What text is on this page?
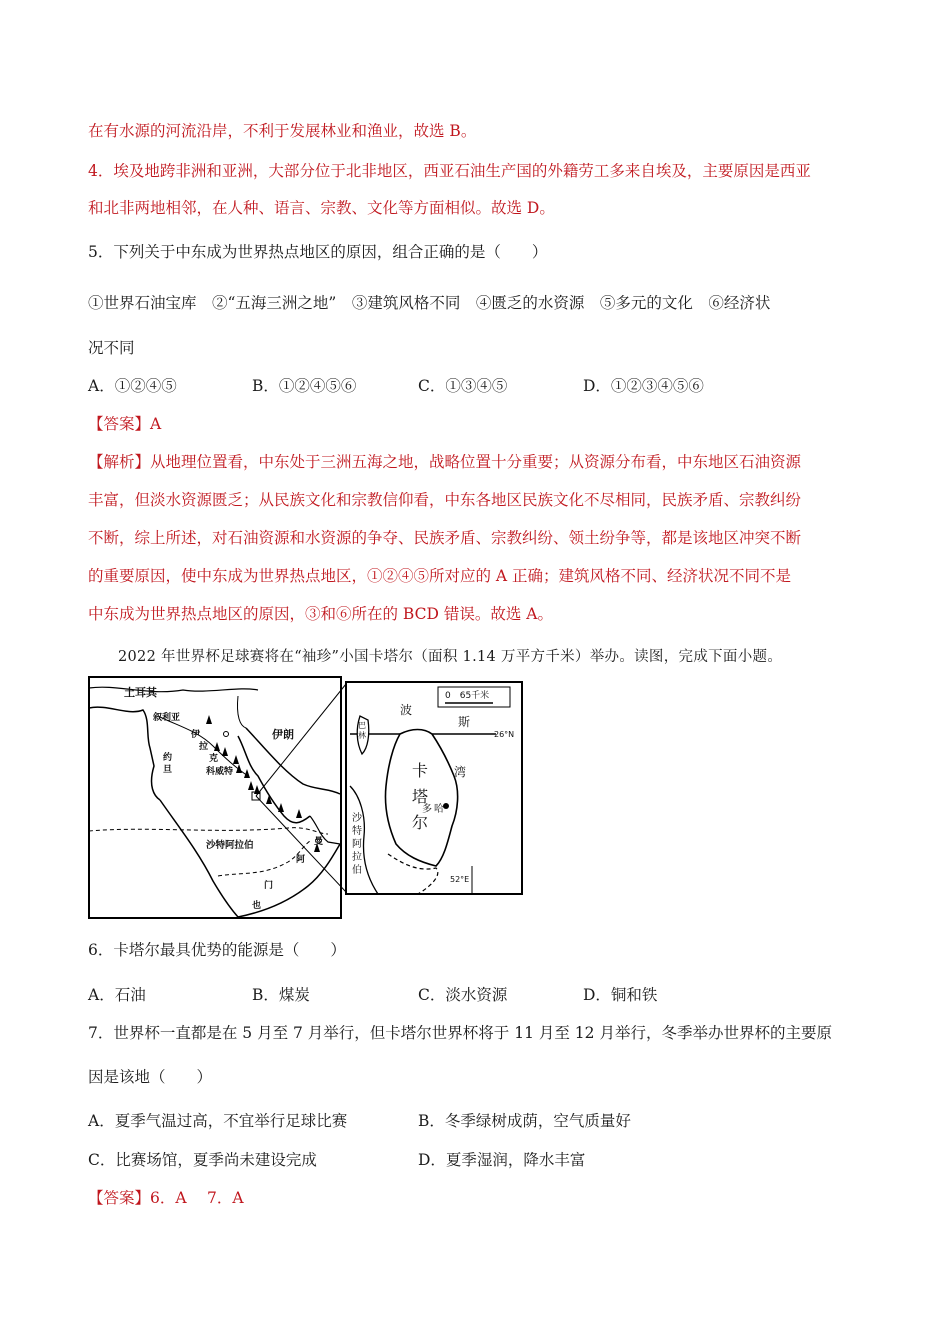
在有水源的河流沿岸，不利于发展林业和渔业，故选 B。
4．埃及地跨非洲和亚洲，大部分位于北非地区，西亚石油生产国的外籍劳工多来自埃及，主要原因是西亚
和北非两地相邻，在人种、语言、宗教、文化等方面相似。故选 D。
5．下列关于中东成为世界热点地区的原因，组合正确的是（　　）
①世界石油宝库　②“五海三洲之地”　③建筑风格不同　④匮乏的水资源　⑤多元的文化　⑥经济状
况不同
A．①②④⑤	B．①②④⑤⑥	C．①③④⑤	D．①②③④⑤⑥
【答案】A
【解析】从地理位置看，中东处于三洲五海之地，战略位置十分重要；从资源分布看，中东地区石油资源
丰富，但淡水资源匮乏；从民族文化和宗教信仰看，中东各地区民族文化不尽相同，民族矛盾、宗教纠纷
不断，综上所述，对石油资源和水资源的争夺、民族矛盾、宗教纠纷、领土纷争等，都是该地区冲突不断
的重要原因，使中东成为世界热点地区，①②④⑤所对应的 A 正确；建筑风格不同、经济状况不同不是
中东成为世界热点地区的原因，③和⑥所在的 BCD 错误。故选 A。
2022 年世界杯足球赛将在“袖珍”小国卡塔尔（面积 1.14 万平方千米）举办。读图，完成下面小题。
土耳其
叙利亚
伊
拉
克
伊朗
约
旦	科威特
沙特阿拉伯	曼
阿
门
也
0　65千米
26°N
52°E
波
斯
湾
巴
林
卡
塔
尔
多 哈
沙
特
阿
拉
伯
6．卡塔尔最具优势的能源是（　　）
A．石油	B．煤炭	C．淡水资源	D．铜和铁
7．世界杯一直都是在 5 月至 7 月举行，但卡塔尔世界杯将于 11 月至 12 月举行，冬季举办世界杯的主要原
因是该地（　　）
A．夏季气温过高，不宜举行足球比赛	B．冬季绿树成荫，空气质量好
C．比赛场馆，夏季尚未建设完成	D．夏季湿润，降水丰富
【答案】6．A　 7．A
